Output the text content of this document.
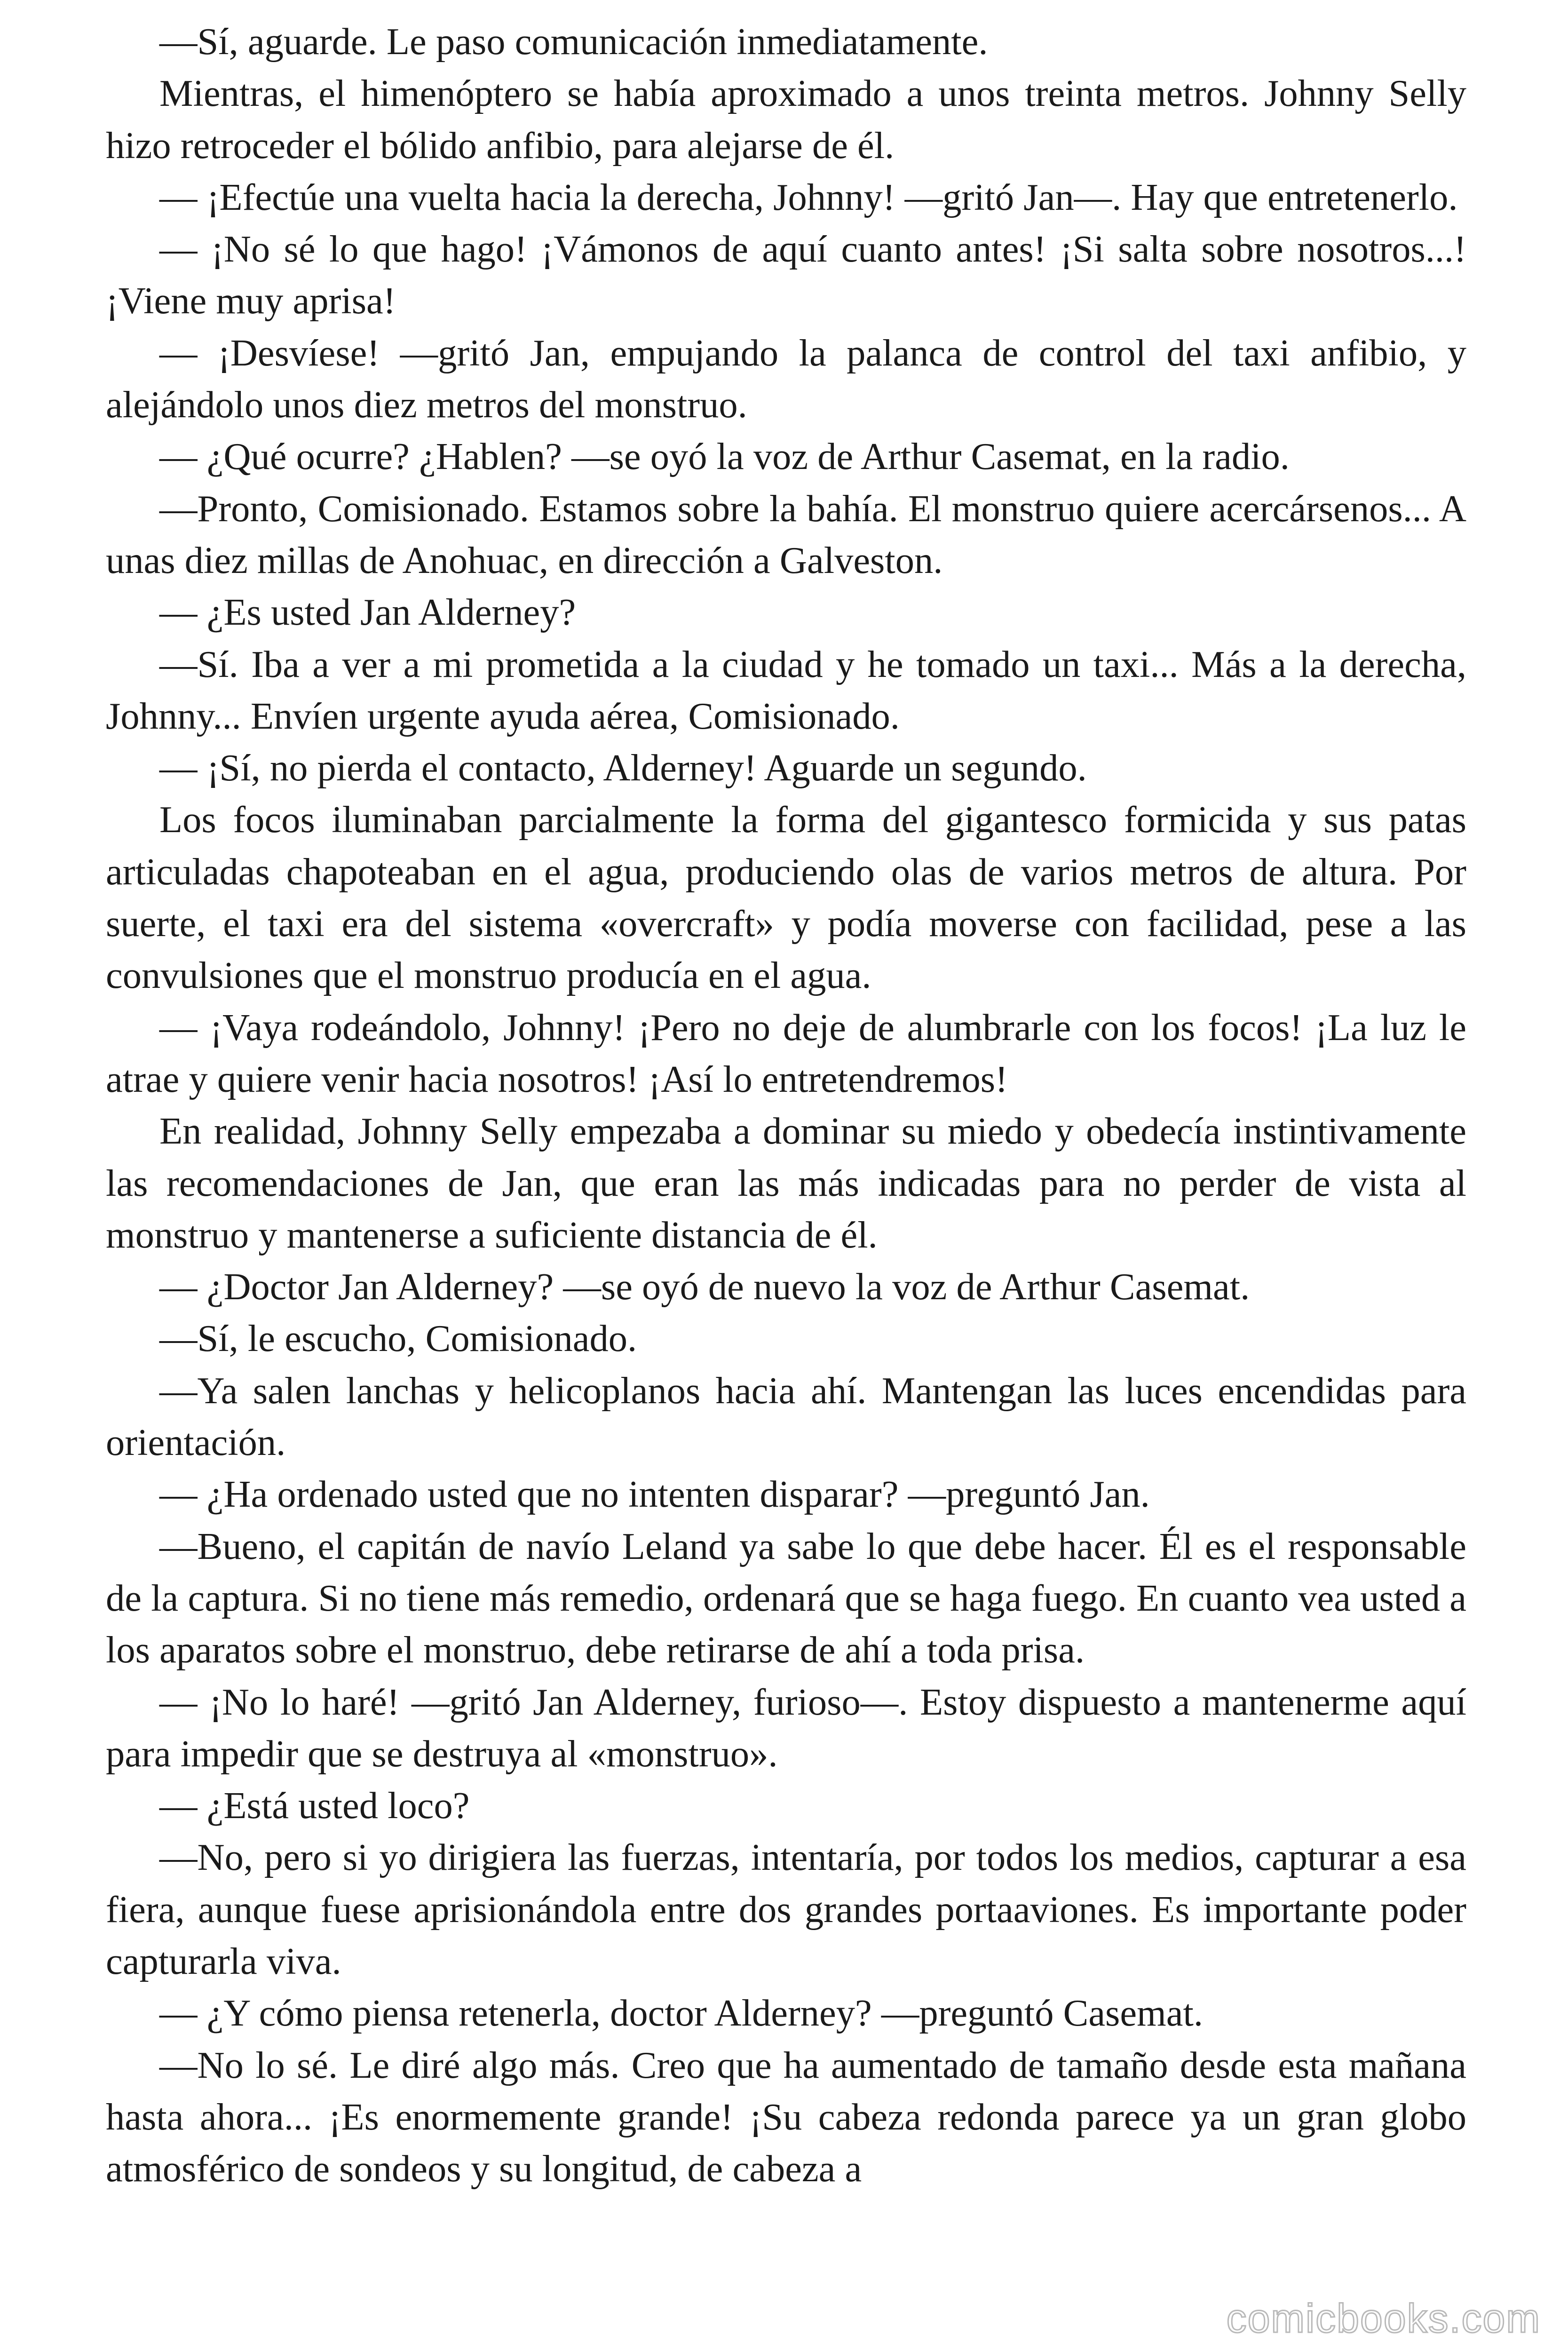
—Sí, aguarde. Le paso comunicación inmediatamente.

Mientras, el himenóptero se había aproximado a unos treinta metros. Johnny Selly hizo retroceder el bólido anfibio, para alejarse de él.

— ¡Efectúe una vuelta hacia la derecha, Johnny! —gritó Jan—. Hay que entretenerlo.

— ¡No sé lo que hago! ¡Vámonos de aquí cuanto antes! ¡Si salta sobre nosotros...! ¡Viene muy aprisa!

— ¡Desvíese! —gritó Jan, empujando la palanca de control del taxi anfibio, y alejándolo unos diez metros del monstruo.

— ¿Qué ocurre? ¿Hablen? —se oyó la voz de Arthur Casemat, en la radio.

—Pronto, Comisionado. Estamos sobre la bahía. El monstruo quiere acercársenos... A unas diez millas de Anohuac, en dirección a Galveston.

— ¿Es usted Jan Alderney?

—Sí. Iba a ver a mi prometida a la ciudad y he tomado un taxi... Más a la derecha, Johnny... Envíen urgente ayuda aérea, Comisionado.

— ¡Sí, no pierda el contacto, Alderney! Aguarde un segundo.

Los focos iluminaban parcialmente la forma del gigantesco formicida y sus patas articuladas chapoteaban en el agua, produciendo olas de varios metros de altura. Por suerte, el taxi era del sistema «overcraft» y podía moverse con facilidad, pese a las convulsiones que el monstruo producía en el agua.

— ¡Vaya rodeándolo, Johnny! ¡Pero no deje de alumbrarle con los focos! ¡La luz le atrae y quiere venir hacia nosotros! ¡Así lo entretendremos!

En realidad, Johnny Selly empezaba a dominar su miedo y obedecía instintivamente las recomendaciones de Jan, que eran las más indicadas para no perder de vista al monstruo y mantenerse a suficiente distancia de él.

— ¿Doctor Jan Alderney? —se oyó de nuevo la voz de Arthur Casemat.

—Sí, le escucho, Comisionado.

—Ya salen lanchas y helicoplanos hacia ahí. Mantengan las luces encendidas para orientación.

— ¿Ha ordenado usted que no intenten disparar? —preguntó Jan.

—Bueno, el capitán de navío Leland ya sabe lo que debe hacer. Él es el responsable de la captura. Si no tiene más remedio, ordenará que se haga fuego. En cuanto vea usted a los aparatos sobre el monstruo, debe retirarse de ahí a toda prisa.

— ¡No lo haré! —gritó Jan Alderney, furioso—. Estoy dispuesto a mantenerme aquí para impedir que se destruya al «monstruo».

— ¿Está usted loco?

—No, pero si yo dirigiera las fuerzas, intentaría, por todos los medios, capturar a esa fiera, aunque fuese aprisionándola entre dos grandes portaaviones. Es importante poder capturarla viva.

— ¿Y cómo piensa retenerla, doctor Alderney? —preguntó Casemat.

—No lo sé. Le diré algo más. Creo que ha aumentado de tamaño desde esta mañana hasta ahora... ¡Es enormemente grande! ¡Su cabeza redonda parece ya un gran globo atmosférico de sondeos y su longitud, de cabeza a

comicbooks.com
